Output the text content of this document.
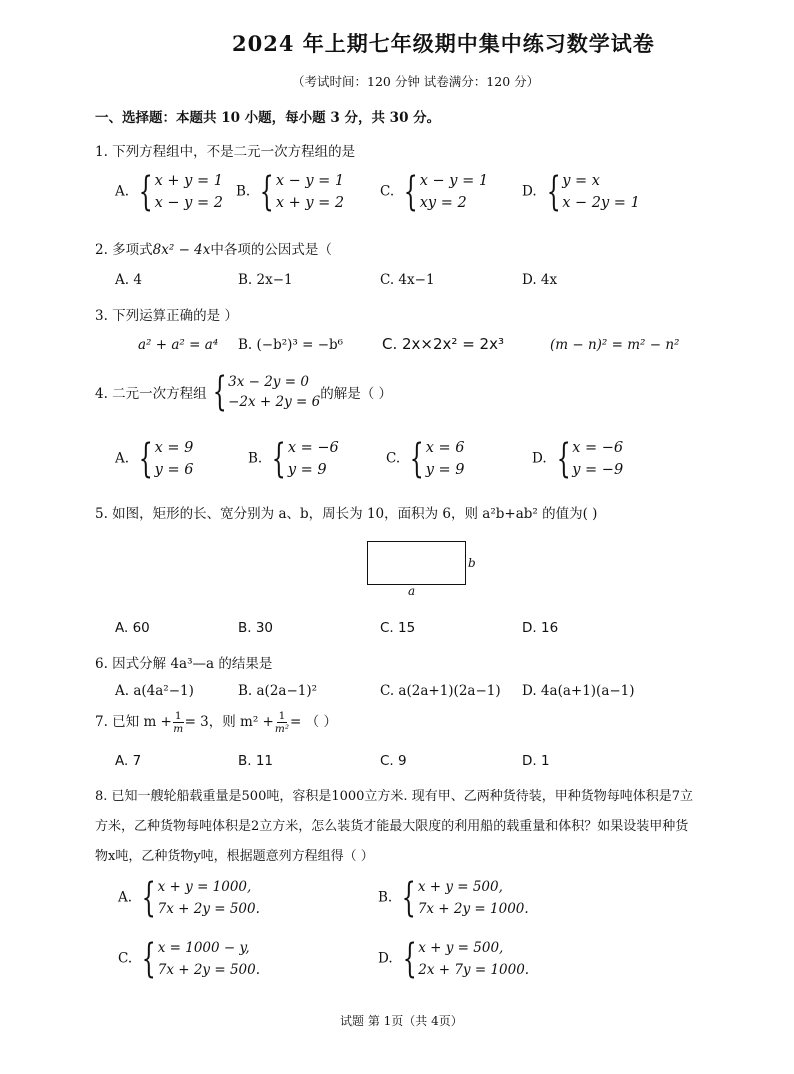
2024 年上期七年级期中集中练习数学试卷
（考试时间：120 分钟 试卷满分：120 分）
一、选择题：本题共 10 小题，每小题 3 分，共 30 分。
1. 下列方程组中，不是二元一次方程组的是
A. { x + y = 1
x − y = 2
B. { x − y = 1
x + y = 2
C. { x − y = 1
xy = 2
D. { y = x
x − 2y = 1
2. 多项式8x² − 4x中各项的公因式是（
A. 4	B. 2x−1	C. 4x−1	D. 4x
3. 下列运算正确的是 ）
a² + a² = a⁴ B. (−b²)³ = −b⁶	C. 2x×2x² = 2x³	(m − n)² = m² − n²
4. 二元一次方程组 { 3x − 2y = 0
−2x + 2y = 6 的解是（ ）
A. { x = 9
y = 6
B. { x = −6
y = 9
C. { x = 6
y = 9
D. { x = −6
y = −9
5. 如图，矩形的长、宽分别为 a、b，周长为 10，面积为 6，则 a²b+ab² 的值为( )
b
a
A. 60	B. 30	C. 15	D. 16
6. 因式分解 4a³—a 的结果是
A. a(4a²−1)	B. a(2a−1)²	C. a(2a+1)(2a−1) D. 4a(a+1)(a−1)
7. 已知 $m + \frac{1}{m} = 3$，则 $m^2 + \frac{1}{\text{m²}}$ = （ ）
A. 7	B. 11	C. 9	D. 1
8. 已知一艘轮船载重量是500吨，容积是1000立方米. 现有甲、乙两种货待装，甲种货物每吨体积是7立
方米，乙种货物每吨体积是2立方米，怎么装货才能最大限度的利用船的载重量和体积？如果设装甲种货
物x吨，乙种货物y吨，根据题意列方程组得（ ）
A. { x + y = 1000,
7x + 2y = 500.
B. { x + y = 500,
7x + 2y = 1000.
C. { x = 1000 − y,
7x + 2y = 500.
D. { x + y = 500,
2x + 7y = 1000.
试题 第 1页（共 4页）
